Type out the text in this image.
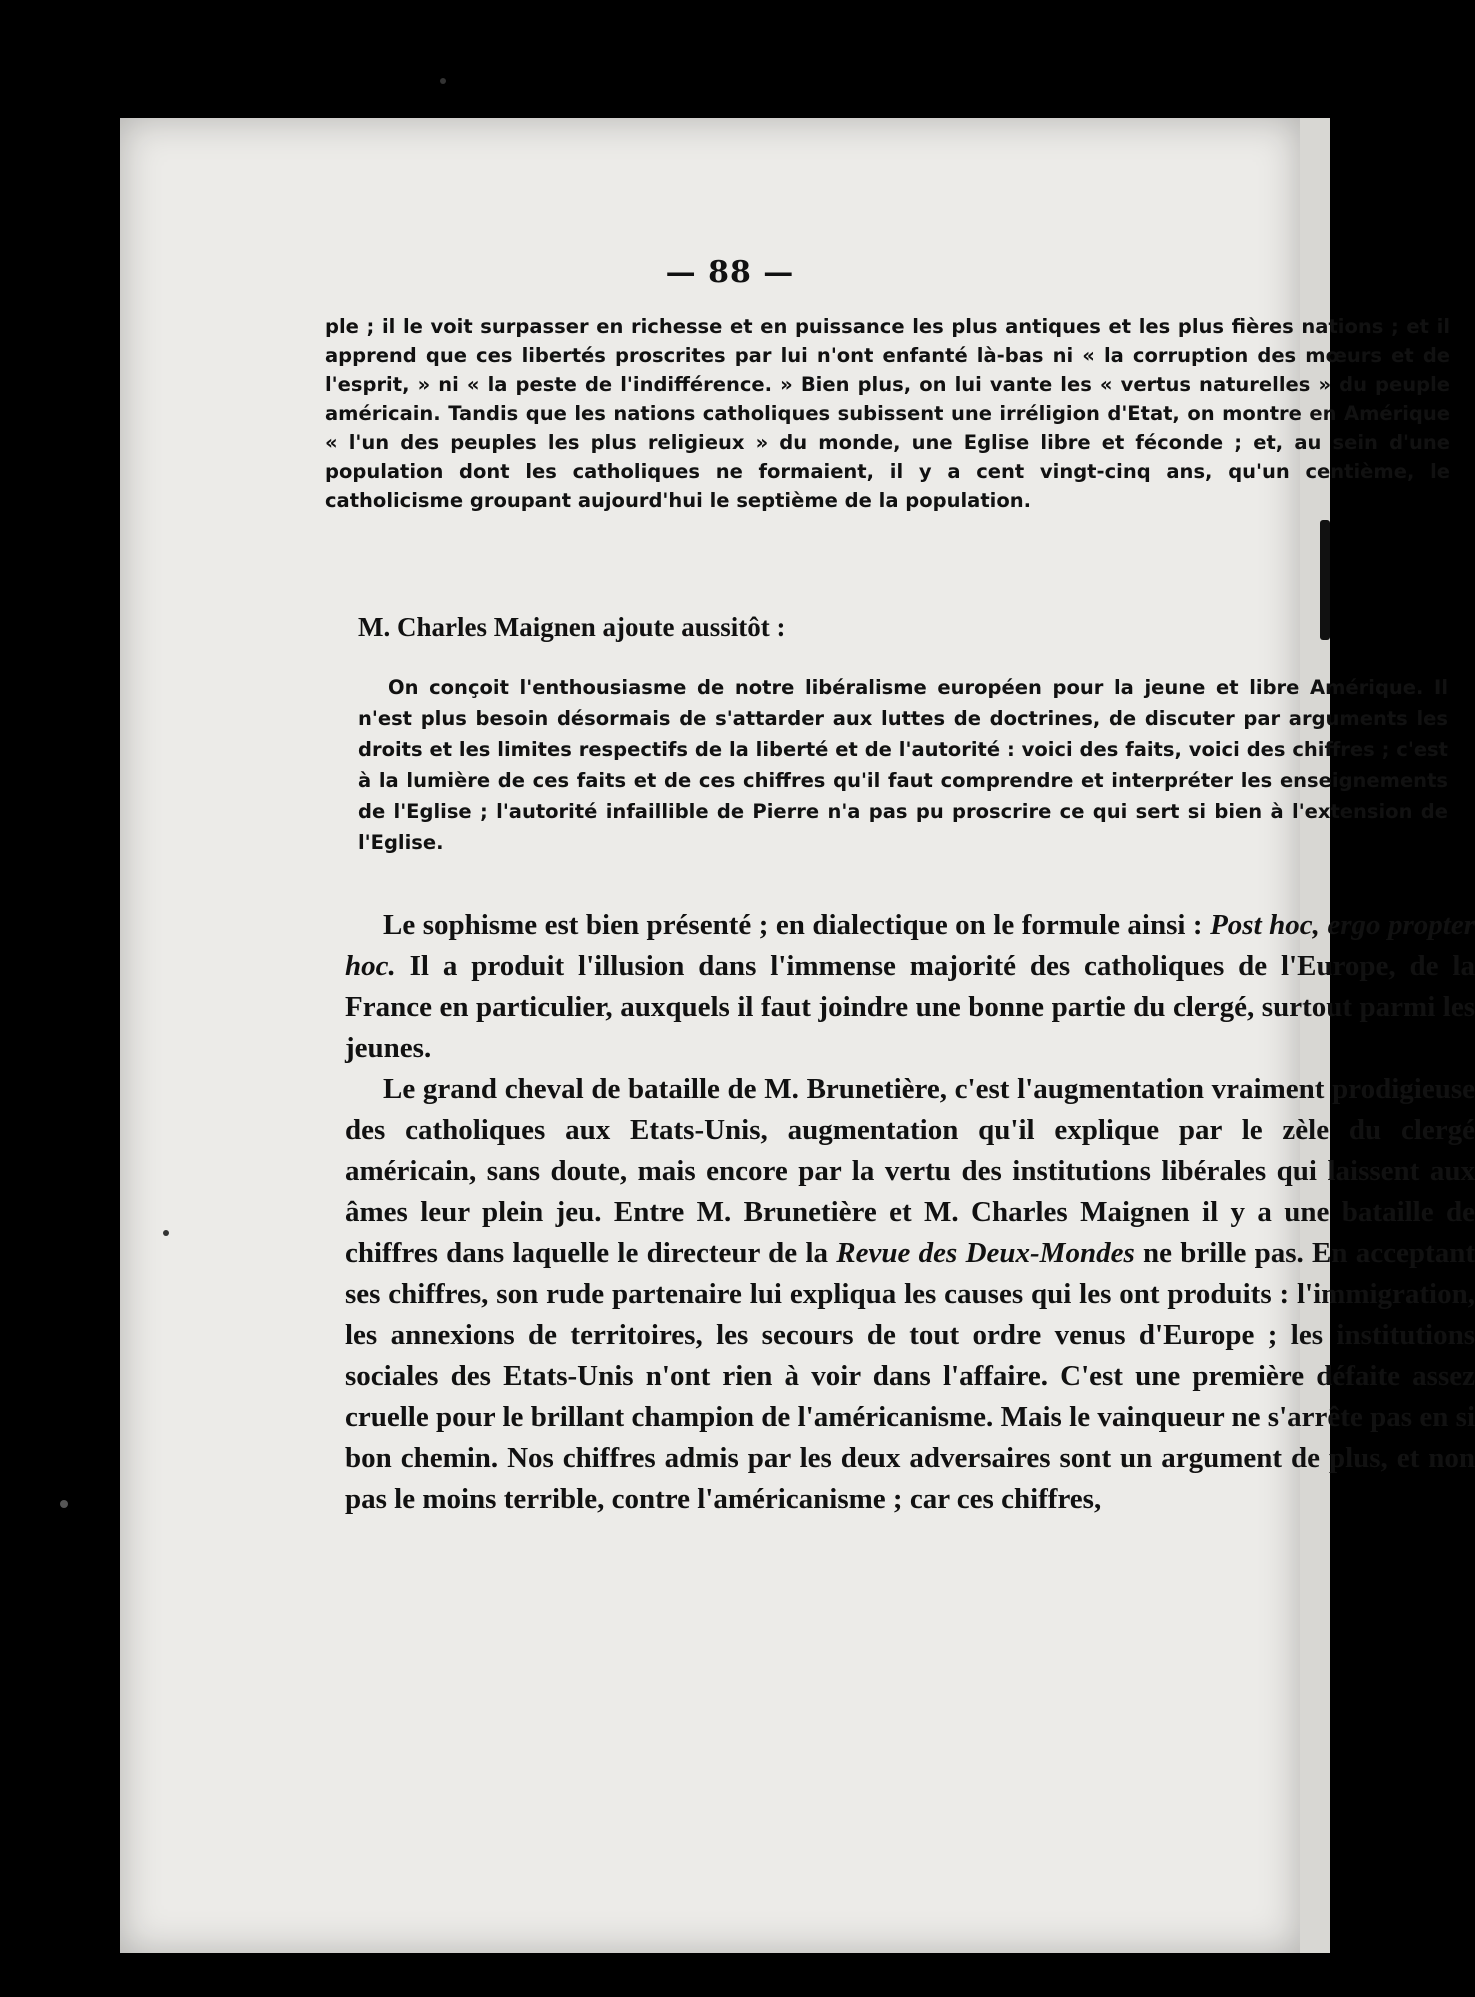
— 88 —

ple ; il le voit surpasser en richesse et en puissance les plus antiques et les plus fières nations ; et il apprend que ces libertés proscrites par lui n'ont enfanté là-bas ni « la corruption des mœurs et de l'esprit, » ni « la peste de l'indifférence. » Bien plus, on lui vante les « vertus naturelles » du peuple américain. Tandis que les nations catholiques subissent une irréligion d'Etat, on montre en Amérique « l'un des peuples les plus religieux » du monde, une Eglise libre et féconde ; et, au sein d'une population dont les catholiques ne formaient, il y a cent vingt-cinq ans, qu'un centième, le catholicisme groupant aujourd'hui le septième de la population.

M. Charles Maignen ajoute aussitôt :

On conçoit l'enthousiasme de notre libéralisme européen pour la jeune et libre Amérique. Il n'est plus besoin désormais de s'attarder aux luttes de doctrines, de discuter par arguments les droits et les limites respectifs de la liberté et de l'autorité : voici des faits, voici des chiffres ; c'est à la lumière de ces faits et de ces chiffres qu'il faut comprendre et interpréter les enseignements de l'Eglise ; l'autorité infaillible de Pierre n'a pas pu proscrire ce qui sert si bien à l'extension de l'Eglise.

Le sophisme est bien présenté ; en dialectique on le formule ainsi : Post hoc, ergo propter hoc. Il a produit l'illusion dans l'immense majorité des catholiques de l'Europe, de la France en particulier, auxquels il faut joindre une bonne partie du clergé, surtout parmi les jeunes.

Le grand cheval de bataille de M. Brunetière, c'est l'augmentation vraiment prodigieuse des catholiques aux Etats-Unis, augmentation qu'il explique par le zèle du clergé américain, sans doute, mais encore par la vertu des institutions libérales qui laissent aux âmes leur plein jeu. Entre M. Brunetière et M. Charles Maignen il y a une bataille de chiffres dans laquelle le directeur de la Revue des Deux-Mondes ne brille pas. En acceptant ses chiffres, son rude partenaire lui expliqua les causes qui les ont produits : l'immigration, les annexions de territoires, les secours de tout ordre venus d'Europe ; les institutions sociales des Etats-Unis n'ont rien à voir dans l'affaire. C'est une première défaite assez cruelle pour le brillant champion de l'américanisme. Mais le vainqueur ne s'arrête pas en si bon chemin. Nos chiffres admis par les deux adversaires sont un argument de plus, et non pas le moins terrible, contre l'américanisme ; car ces chiffres,
